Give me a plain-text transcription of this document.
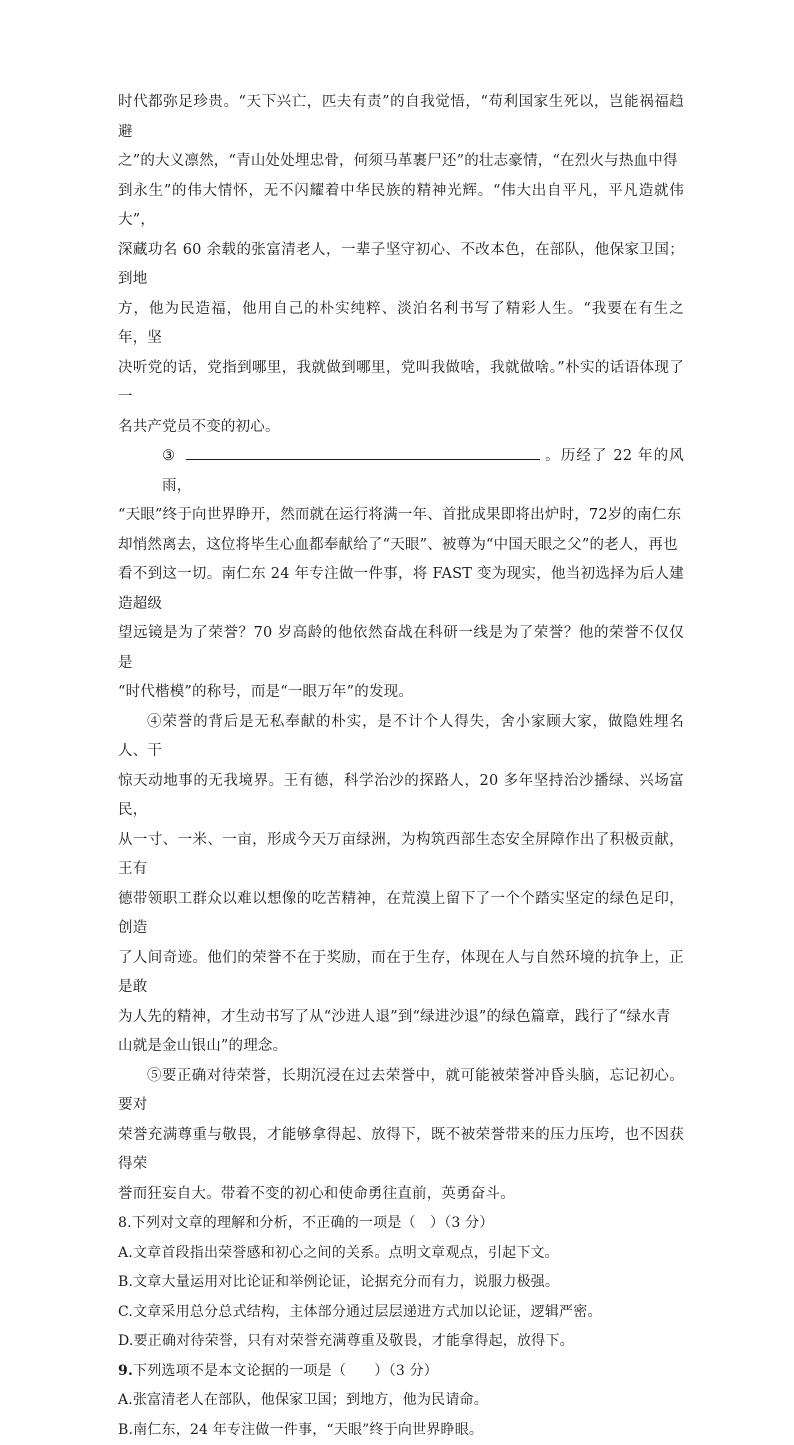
时代都弥足珍贵。“天下兴亡，匹夫有责”的自我觉悟，“苟利国家生死以，岂能祸福趋避

之”的大义凛然，“青山处处埋忠骨，何须马革裹尸还”的壮志豪情，“在烈火与热血中得

到永生”的伟大情怀，无不闪耀着中华民族的精神光辉。“伟大出自平凡，平凡造就伟大”，

深藏功名 60 余载的张富清老人，一辈子坚守初心、不改本色，在部队，他保家卫国；到地

方，他为民造福，他用自己的朴实纯粹、淡泊名利书写了精彩人生。“我要在有生之年，坚

决听党的话，党指到哪里，我就做到哪里，党叫我做啥，我就做啥。”朴实的话语体现了一

名共产党员不变的初心。

③	。历经了 22 年的风雨，

“天眼”终于向世界睁开，然而就在运行将满一年、首批成果即将出炉时，72岁的南仁东

却悄然离去，这位将毕生心血都奉献给了“天眼”、被尊为“中国天眼之父”的老人，再也

看不到这一切。南仁东 24 年专注做一件事，将 FAST 变为现实，他当初选择为后人建造超级

望远镜是为了荣誉？70 岁高龄的他依然奋战在科研一线是为了荣誉？他的荣誉不仅仅是

“时代楷模”的称号，而是“一眼万年”的发现。

④荣誉的背后是无私奉献的朴实，是不计个人得失，舍小家顾大家，做隐姓埋名人、干

惊天动地事的无我境界。王有德，科学治沙的探路人，20 多年坚持治沙播绿、兴场富民，

从一寸、一米、一亩，形成今天万亩绿洲，为构筑西部生态安全屏障作出了积极贡献，王有

德带领职工群众以难以想像的吃苦精神，在荒漠上留下了一个个踏实坚定的绿色足印，创造

了人间奇迹。他们的荣誉不在于奖励，而在于生存，体现在人与自然环境的抗争上，正是敢

为人先的精神，才生动书写了从“沙进人退”到“绿进沙退”的绿色篇章，践行了“绿水青

山就是金山银山”的理念。

⑤要正确对待荣誉，长期沉浸在过去荣誉中，就可能被荣誉冲昏头脑，忘记初心。要对

荣誉充满尊重与敬畏，才能够拿得起、放得下，既不被荣誉带来的压力压垮，也不因获得荣

誉而狂妄自大。带着不变的初心和使命勇往直前，英勇奋斗。

8.下列对文章的理解和分析，不正确的一项是（　）（3 分）

A.文章首段指出荣誉感和初心之间的关系。点明文章观点，引起下文。

B.文章大量运用对比论证和举例论证，论据充分而有力，说服力极强。

C.文章采用总分总式结构，主体部分通过层层递进方式加以论证，逻辑严密。

D.要正确对待荣誉，只有对荣誉充满尊重及敬畏，才能拿得起，放得下。

9.下列选项不是本文论据的一项是（　　）（3 分）

A.张富清老人在部队，他保家卫国；到地方，他为民请命。

B.南仁东，24 年专注做一件事，“天眼”终于向世界睁眼。
